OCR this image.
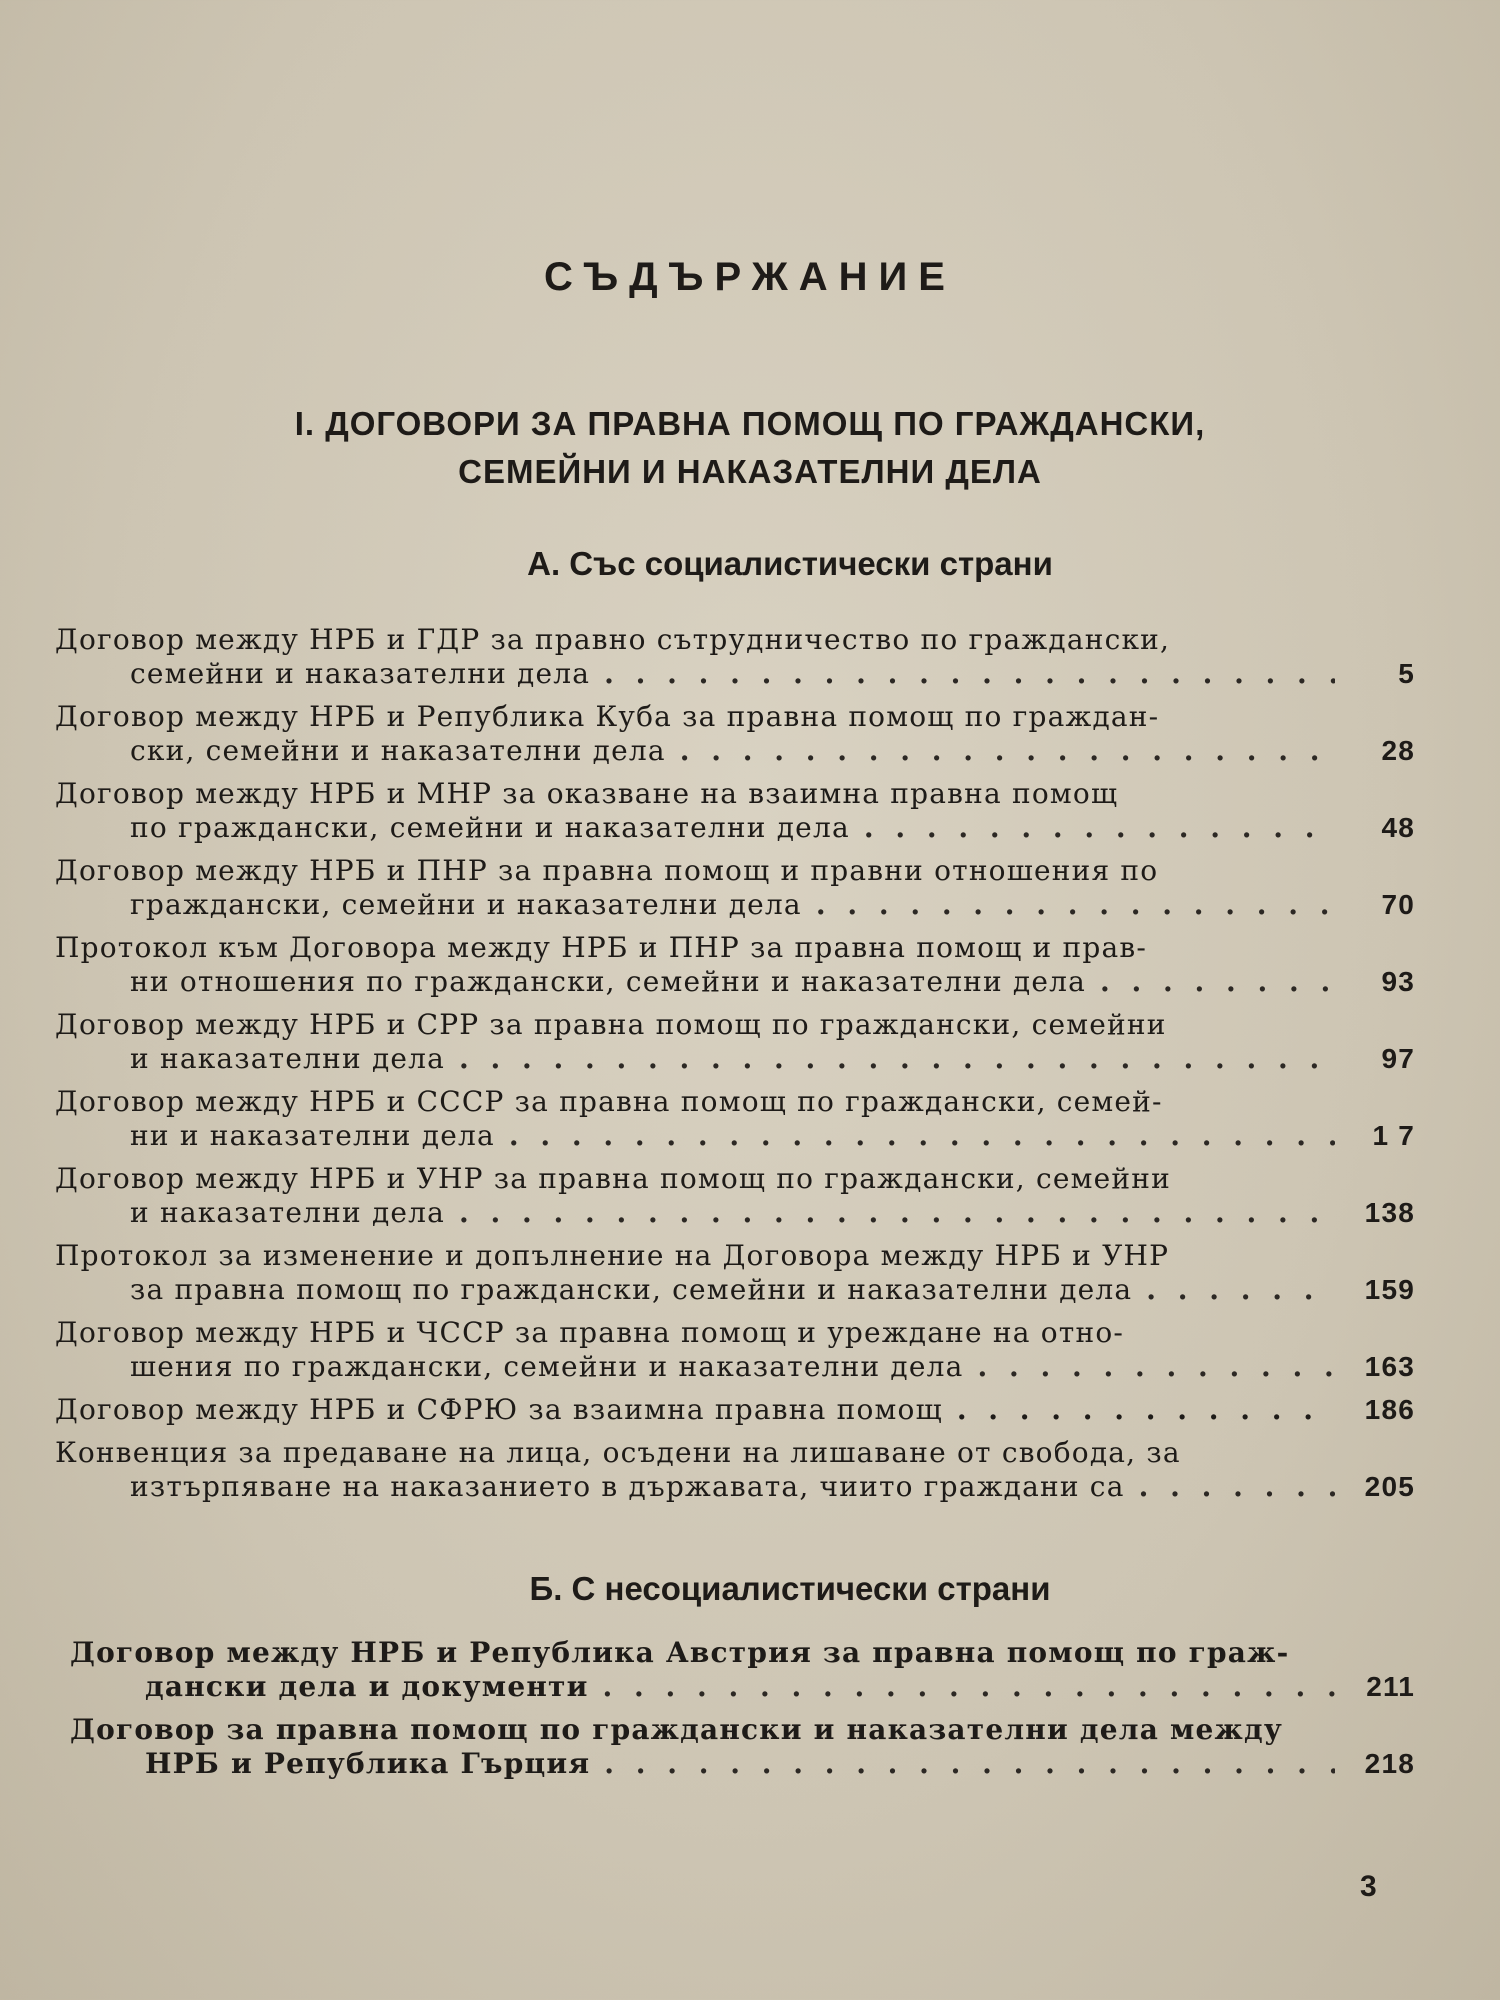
СЪДЪРЖАНИЕ
I. ДОГОВОРИ ЗА ПРАВНА ПОМОЩ ПО ГРАЖДАНСКИ,
СЕМЕЙНИ И НАКАЗАТЕЛНИ ДЕЛА
А. Със социалистически страни
Договор между НРБ и ГДР за правно сътрудничество по граждански,
семейни и наказателни дела . . .	5
Договор между НРБ и Република Куба за правна помощ по граждан-
ски, семейни и наказателни дела . . .	28
Договор между НРБ и МНР за оказване на взаимна правна помощ
по граждански, семейни и наказателни дела . . .	48
Договор между НРБ и ПНР за правна помощ и правни отношения по
граждански, семейни и наказателни дела . . .	70
Протокол към Договора между НРБ и ПНР за правна помощ и прав-
ни отношения по граждански, семейни и наказателни дела . . .	93
Договор между НРБ и СРР за правна помощ по граждански, семейни
и наказателни дела . . .	97
Договор между НРБ и СССР за правна помощ по граждански, семей-
ни и наказателни дела . . .	1 7
Договор между НРБ и УНР за правна помощ по граждански, семейни
и наказателни дела . . .	138
Протокол за изменение и допълнение на Договора между НРБ и УНР
за правна помощ по граждански, семейни и наказателни дела . . .	159
Договор между НРБ и ЧССР за правна помощ и уреждане на отно-
шения по граждански, семейни и наказателни дела . . .	163
Договор между НРБ и СФРЮ за взаимна правна помощ . . .	186
Конвенция за предаване на лица, осъдени на лишаване от свобода, за
изтърпяване на наказанието в държавата, чиито граждани са . . .	205
Б. С несоциалистически страни
Договор между НРБ и Република Австрия за правна помощ по граж-
дански дела и документи . . .	211
Договор за правна помощ по граждански и наказателни дела между
НРБ и Република Гърция . . .	218
3
